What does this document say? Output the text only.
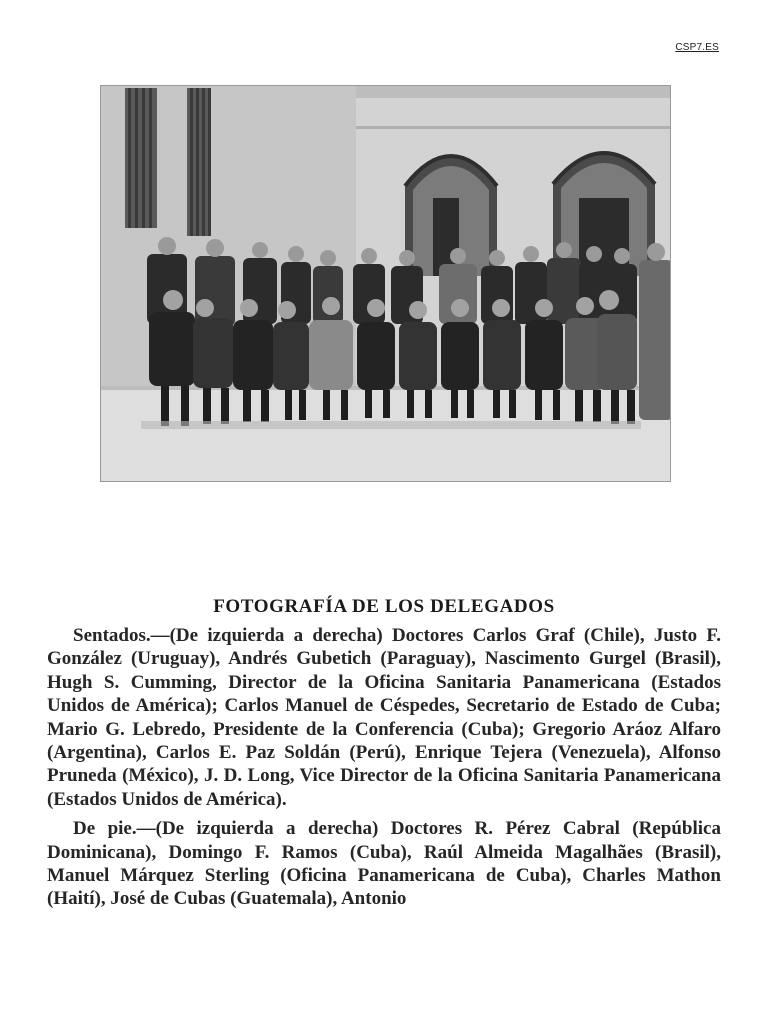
CSP7.ES
FOTOGRAFÍA DE LOS DELEGADOS

Sentados.—(De izquierda a derecha) Doctores Carlos Graf (Chile), Justo F. González (Uruguay), Andrés Gubetich (Paraguay), Nascimento Gurgel (Brasil), Hugh S. Cumming, Director de la Oficina Sanitaria Panamericana (Estados Unidos de América); Carlos Manuel de Céspedes, Secretario de Estado de Cuba; Mario G. Lebredo, Presidente de la Conferencia (Cuba); Gregorio Aráoz Alfaro (Argentina), Carlos E. Paz Soldán (Perú), Enrique Tejera (Venezuela), Alfonso Pruneda (México), J. D. Long, Vice Director de la Oficina Sanitaria Panamericana (Estados Unidos de América).

De pie.—(De izquierda a derecha) Doctores R. Pérez Cabral (República Dominicana), Domingo F. Ramos (Cuba), Raúl Almeida Magalhães (Brasil), Manuel Márquez Sterling (Oficina Panamericana de Cuba), Charles Mathon (Haití), José de Cubas (Guatemala), Antonio
